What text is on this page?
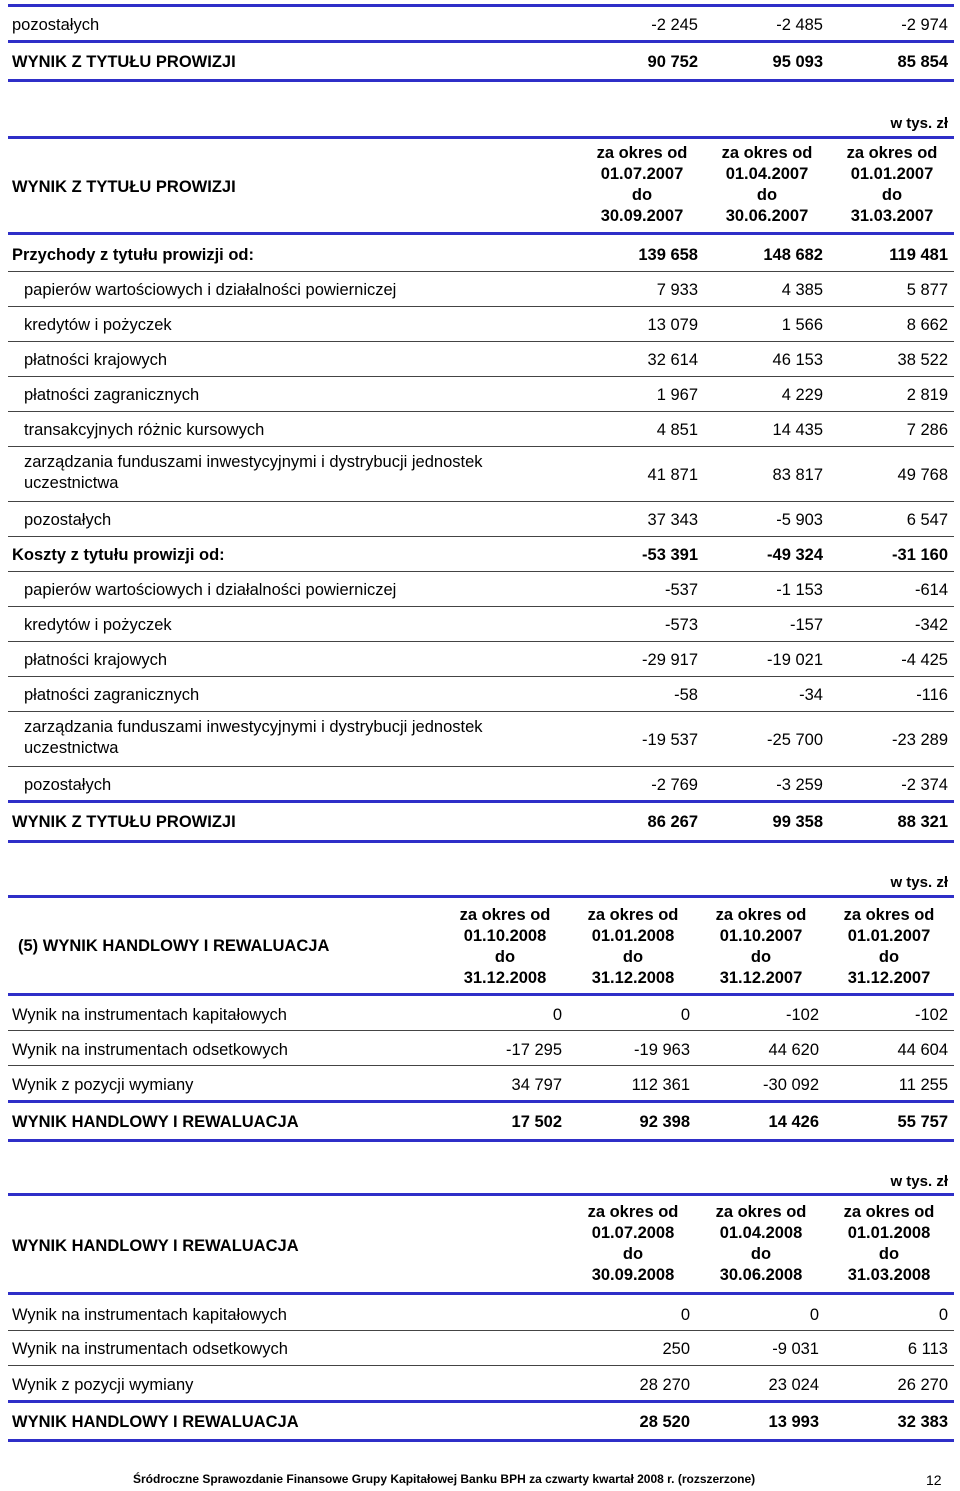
pozostałych	-2 245	-2 485	-2 974
WYNIK Z TYTUŁU PROWIZJI	90 752	95 093	85 854
w tys. zł
WYNIK Z TYTUŁU PROWIZJI
za okres od
01.07.2007
do
30.09.2007
za okres od
01.04.2007
do
30.06.2007
za okres od
01.01.2007
do
31.03.2007
Przychody z tytułu prowizji od:	139 658	148 682	119 481
papierów wartościowych i działalności powierniczej	7 933	4 385	5 877
kredytów i pożyczek	13 079	1 566	8 662
płatności krajowych	32 614	46 153	38 522
płatności zagranicznych	1 967	4 229	2 819
transakcyjnych różnic kursowych	4 851	14 435	7 286
zarządzania funduszami inwestycyjnymi i dystrybucji jednostek uczestnictwa	41 871	83 817	49 768
pozostałych	37 343	-5 903	6 547
Koszty z tytułu prowizji od:	-53 391	-49 324	-31 160
papierów wartościowych i działalności powierniczej	-537	-1 153	-614
kredytów i pożyczek	-573	-157	-342
płatności krajowych	-29 917	-19 021	-4 425
płatności zagranicznych	-58	-34	-116
zarządzania funduszami inwestycyjnymi i dystrybucji jednostek uczestnictwa	-19 537	-25 700	-23 289
pozostałych	-2 769	-3 259	-2 374
WYNIK Z TYTUŁU PROWIZJI	86 267	99 358	88 321
w tys. zł
(5) WYNIK HANDLOWY I REWALUACJA
za okres od
01.10.2008
do
31.12.2008
za okres od
01.01.2008
do
31.12.2008
za okres od
01.10.2007
do
31.12.2007
za okres od
01.01.2007
do
31.12.2007
Wynik na instrumentach kapitałowych	0	0	-102	-102
Wynik na instrumentach odsetkowych	-17 295	-19 963	44 620	44 604
Wynik z pozycji wymiany	34 797	112 361	-30 092	11 255
WYNIK HANDLOWY I REWALUACJA	17 502	92 398	14 426	55 757
w tys. zł
WYNIK HANDLOWY I REWALUACJA
za okres od
01.07.2008
do
30.09.2008
za okres od
01.04.2008
do
30.06.2008
za okres od
01.01.2008
do
31.03.2008
Wynik na instrumentach kapitałowych	0	0	0
Wynik na instrumentach odsetkowych	250	-9 031	6 113
Wynik z pozycji wymiany	28 270	23 024	26 270
WYNIK HANDLOWY I REWALUACJA	28 520	13 993	32 383
Śródroczne Sprawozdanie Finansowe Grupy Kapitałowej Banku BPH za czwarty kwartał 2008 r. (rozszerzone)	12
